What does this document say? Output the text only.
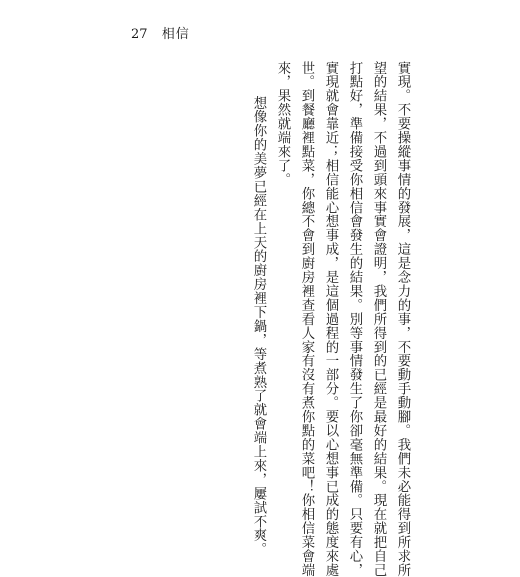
27 相信
實現。不要操縱事情的發展，這是念力的事，不要動手動腳。我們未必能得到所求所
望的結果，不過到頭來事實會證明，我們所得到的已經是最好的結果。現在就把自己
打點好，準備接受你相信會發生的結果。別等事情發生了你卻毫無準備。只要有心，
實現就會靠近；相信能心想事成，是這個過程的一部分。要以心想事已成的態度來處
世。到餐廳裡點菜，你總不會到廚房裡查看人家有沒有煮你點的菜吧！你相信菜會端
來，果然就端來了。
想像你的美夢已經在上天的廚房裡下鍋，等煮熟了就會端上來，屢試不爽。
